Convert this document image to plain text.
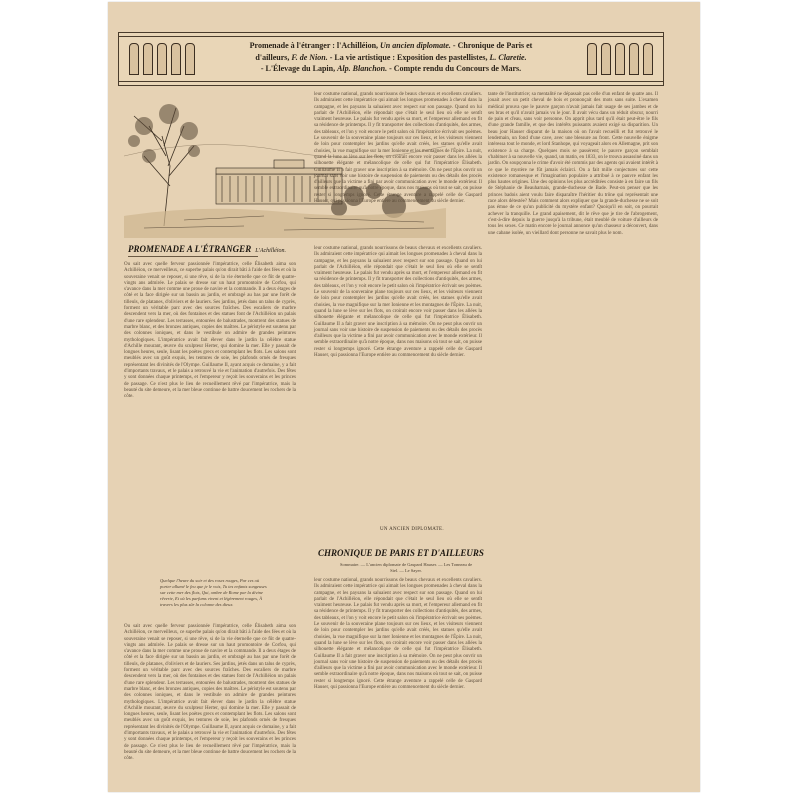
Promenade à l'étranger : l'Achilléion, Un ancien diplomate. - Chronique de Paris et
d'ailleurs, F. de Nion. - La vie artistique : Exposition des pastellistes, L. Claretie.
- L'Élevage du Lapin, Alp. Blanchon. - Compte rendu du Concours de Mars.
PROMENADE A L'ÉTRANGER L'Achilléion.
Ou sait avec quelle ferveur passionnée l'impératrice, celle Élisabeth aima son Achilléion, ce merveilleux, ce superbe palais qu'on dirait bâti à l'aide des fées et où la souveraine venait se reposer, si une rêve, si de la vie éternelle que ce fût de quatre-vingts ans admirée. Le palais se dresse sur un haut promontoire de Corfou, qui s'avance dans la mer comme une proue de navire et la commande. Il a deux étages de côté et la face dirigée sur un bassin au jardin, et ombragé au bas par une forêt de tilleuls, de platanes, d'oliviers et de lauriers. Ses jardins, jetés dans un talus de cyprès, forment un véritable parc avec des sources fraîches. Des escaliers de marbre descendent vers la mer, où des fontaines et des statues font de l'Achilléion un palais d'une rare splendeur. Les terrasses, entourées de balustrades, montrent des statues de marbre blanc, et des bronzes antiques, copies des maîtres. Le péristyle est soutenu par des colonnes ioniques, et dans le vestibule on admire de grandes peintures mythologiques. L'impératrice avait fait élever dans le jardin la célèbre statue d'Achille mourant, œuvre du sculpteur Herter, qui domine la mer. Elle y passait de longues heures, seule, lisant les poètes grecs et contemplant les flots. Les salons sont meublés avec un goût exquis, les tentures de soie, les plafonds ornés de fresques représentant les divinités de l'Olympe. Guillaume II, ayant acquis ce domaine, y a fait d'importants travaux, et le palais a retrouvé la vie et l'animation d'autrefois. Des fêtes y sont données chaque printemps, et l'empereur y reçoit les souverains et les princes de passage. Ce n'est plus le lieu de recueillement rêvé par l'impératrice, mais la beauté du site demeure, et la mer bleue continue de battre doucement les rochers de la côte.
Quelque l'heure du soir et des roses rouges, Par ces où porter allumé le feu que je le vois, Tu tes enfants songeuses sur cette mer des flots, Qui, ombre de Rome par la divine rêverie, Et où les parfums vivent et légèrement rouges, À travers les plus sûr la colonne des dieux.
Ou sait avec quelle ferveur passionnée l'impératrice, celle Élisabeth aima son Achilléion, ce merveilleux, ce superbe palais qu'on dirait bâti à l'aide des fées et où la souveraine venait se reposer, si une rêve, si de la vie éternelle que ce fût de quatre-vingts ans admirée. Le palais se dresse sur un haut promontoire de Corfou, qui s'avance dans la mer comme une proue de navire et la commande. Il a deux étages de côté et la face dirigée sur un bassin au jardin, et ombragé au bas par une forêt de tilleuls, de platanes, d'oliviers et de lauriers. Ses jardins, jetés dans un talus de cyprès, forment un véritable parc avec des sources fraîches. Des escaliers de marbre descendent vers la mer, où des fontaines et des statues font de l'Achilléion un palais d'une rare splendeur. Les terrasses, entourées de balustrades, montrent des statues de marbre blanc, et des bronzes antiques, copies des maîtres. Le péristyle est soutenu par des colonnes ioniques, et dans le vestibule on admire de grandes peintures mythologiques. L'impératrice avait fait élever dans le jardin la célèbre statue d'Achille mourant, œuvre du sculpteur Herter, qui domine la mer. Elle y passait de longues heures, seule, lisant les poètes grecs et contemplant les flots. Les salons sont meublés avec un goût exquis, les tentures de soie, les plafonds ornés de fresques représentant les divinités de l'Olympe. Guillaume II, ayant acquis ce domaine, y a fait d'importants travaux, et le palais a retrouvé la vie et l'animation d'autrefois. Des fêtes y sont données chaque printemps, et l'empereur y reçoit les souverains et les princes de passage. Ce n'est plus le lieu de recueillement rêvé par l'impératrice, mais la beauté du site demeure, et la mer bleue continue de battre doucement les rochers de la côte.
leur costume national, grands nourrissons de beaux chevaux et excellents cavaliers. Ils admiraient cette impératrice qui aimait les longues promenades à cheval dans la campagne, et les paysans la saluaient avec respect sur son passage. Quand on lui parlait de l'Achilléion, elle répondait que c'était le seul lieu où elle se sentît vraiment heureuse. Le palais fut vendu après sa mort, et l'empereur allemand en fit sa résidence de printemps. Il y fit transporter des collections d'antiquités, des armes, des tableaux, et l'on y voit encore le petit salon où l'impératrice écrivait ses poèmes. Le souvenir de la souveraine plane toujours sur ces lieux, et les visiteurs viennent de loin pour contempler les jardins qu'elle avait créés, les statues qu'elle avait choisies, la vue magnifique sur la mer Ionienne et les montagnes de l'Épire. La nuit, quand la lune se lève sur les flots, on croirait encore voir passer dans les allées la silhouette élégante et mélancolique de celle qui fut l'impératrice Élisabeth. Guillaume II a fait graver une inscription à sa mémoire. On ne peut plus ouvrir un journal sans voir une histoire de suspension de paiements ou des détails des procès d'ailleurs que la victime a fini par avoir communication avec le monde extérieur. Il semble extraordinaire qu'à notre époque, dans nos maisons où tout se sait, on puisse rester si longtemps ignoré. Cette étrange aventure a rappelé celle de Gaspard Hauser, qui passionna l'Europe entière au commencement du siècle dernier.
leur costume national, grands nourrissons de beaux chevaux et excellents cavaliers. Ils admiraient cette impératrice qui aimait les longues promenades à cheval dans la campagne, et les paysans la saluaient avec respect sur son passage. Quand on lui parlait de l'Achilléion, elle répondait que c'était le seul lieu où elle se sentît vraiment heureuse. Le palais fut vendu après sa mort, et l'empereur allemand en fit sa résidence de printemps. Il y fit transporter des collections d'antiquités, des armes, des tableaux, et l'on y voit encore le petit salon où l'impératrice écrivait ses poèmes. Le souvenir de la souveraine plane toujours sur ces lieux, et les visiteurs viennent de loin pour contempler les jardins qu'elle avait créés, les statues qu'elle avait choisies, la vue magnifique sur la mer Ionienne et les montagnes de l'Épire. La nuit, quand la lune se lève sur les flots, on croirait encore voir passer dans les allées la silhouette élégante et mélancolique de celle qui fut l'impératrice Élisabeth. Guillaume II a fait graver une inscription à sa mémoire. On ne peut plus ouvrir un journal sans voir une histoire de suspension de paiements ou des détails des procès d'ailleurs que la victime a fini par avoir communication avec le monde extérieur. Il semble extraordinaire qu'à notre époque, dans nos maisons où tout se sait, on puisse rester si longtemps ignoré. Cette étrange aventure a rappelé celle de Gaspard Hauser, qui passionna l'Europe entière au commencement du siècle dernier.
UN ANCIEN DIPLOMATE.
CHRONIQUE DE PARIS ET D'AILLEURS
Sommaire. — L'ancien diplomate de Gaspard Hauser. — Les Tonneau de Siel. — Le Sayer.
leur costume national, grands nourrissons de beaux chevaux et excellents cavaliers. Ils admiraient cette impératrice qui aimait les longues promenades à cheval dans la campagne, et les paysans la saluaient avec respect sur son passage. Quand on lui parlait de l'Achilléion, elle répondait que c'était le seul lieu où elle se sentît vraiment heureuse. Le palais fut vendu après sa mort, et l'empereur allemand en fit sa résidence de printemps. Il y fit transporter des collections d'antiquités, des armes, des tableaux, et l'on y voit encore le petit salon où l'impératrice écrivait ses poèmes. Le souvenir de la souveraine plane toujours sur ces lieux, et les visiteurs viennent de loin pour contempler les jardins qu'elle avait créés, les statues qu'elle avait choisies, la vue magnifique sur la mer Ionienne et les montagnes de l'Épire. La nuit, quand la lune se lève sur les flots, on croirait encore voir passer dans les allées la silhouette élégante et mélancolique de celle qui fut l'impératrice Élisabeth. Guillaume II a fait graver une inscription à sa mémoire. On ne peut plus ouvrir un journal sans voir une histoire de suspension de paiements ou des détails des procès d'ailleurs que la victime a fini par avoir communication avec le monde extérieur. Il semble extraordinaire qu'à notre époque, dans nos maisons où tout se sait, on puisse rester si longtemps ignoré. Cette étrange aventure a rappelé celle de Gaspard Hauser, qui passionna l'Europe entière au commencement du siècle dernier.
tante de l'institutrice; sa mentalité ne dépassait pas celle d'un enfant de quatre ans. Il jouait avec un petit cheval de bois et prononçait des mots sans suite. L'examen médical prouva que le pauvre garçon n'avait jamais fait usage de ses jambes et de ses bras et qu'il n'avait jamais vu le jour. Il avait vécu dans un réduit obscur, nourri de pain et d'eau, sans voir personne. On apprit plus tard qu'il était peut-être le fils d'une grande famille, et que des intérêts puissants avaient exigé sa disparition. Un beau jour Hauser disparut de la maison où on l'avait recueilli et fut retrouvé le lendemain, un fond d'une cave, avec une blessure au front. Cette nouvelle énigme intéressa tout le monde, et lord Stanhope, qui voyageait alors en Allemagne, prit son existence à sa charge. Quelques mois se passèrent; le pauvre garçon semblait s'habituer à sa nouvelle vie, quand, un matin, en 1833, on le trouva assassiné dans un jardin. On soupçonna le crime d'avoir été commis par des agents qui avaient intérêt à ce que le mystère ne fût jamais éclairci. On a fait mille conjectures sur cette existence romanesque et l'imagination populaire a attribué à ce pauvre enfant les plus hautes origines. Une des opinions les plus accréditées consiste à en faire un fils de Stéphanie de Beauharnais, grande-duchesse de Bade. Peut-on penser que les princes badois aient voulu faire disparaître l'héritier du trône qui représentait une race alors détestée? Mais comment alors expliquer que la grande-duchesse ne se soit pas émue de ce qu'un publicité du mystère enfant? Quoiqu'il en soit, on pourrait achever la tranquille. Le grand apaisement, dit le rêve que je tire de l'abrogement, c'est-à-dire depuis la guerre jusqu'à la tribune, était meublé de voiture d'ailleurs de tous les sexes. Ce matin encore le journal annonce qu'un chasseur a découvert, dans une cabane isolée, un vieillard dont personne ne savait plus le nom.
